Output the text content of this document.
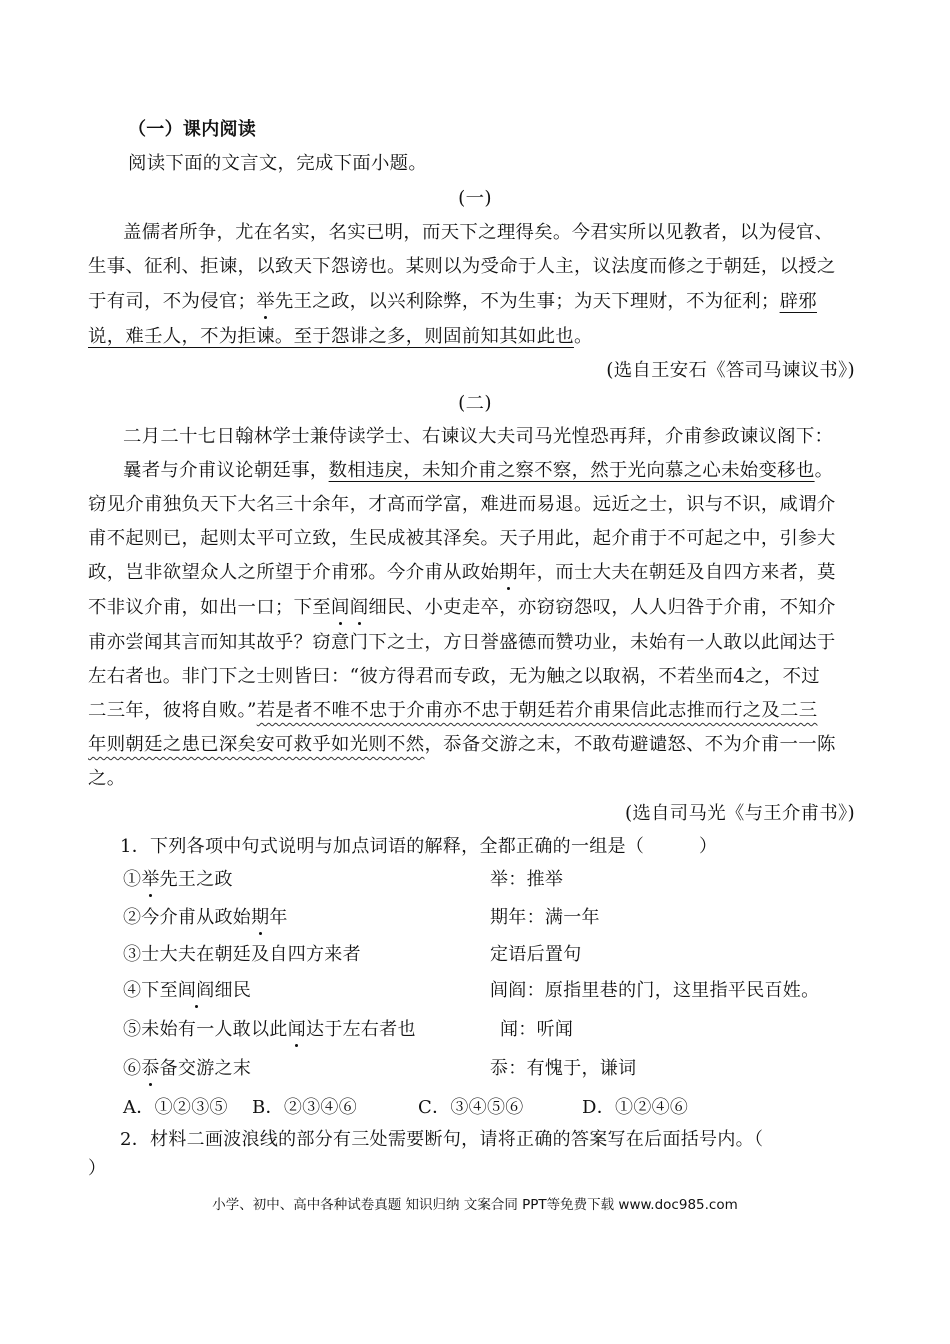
（一）课内阅读
阅读下面的文言文，完成下面小题。
(一)
盖儒者所争，尤在名实，名实已明，而天下之理得矣。今君实所以见教者，以为侵官、
生事、征利、拒谏，以致天下怨谤也。某则以为受命于人主，议法度而修之于朝廷，以授之
于有司，不为侵官；举先王之政，以兴利除弊，不为生事；为天下理财，不为征利；辟邪
说，难壬人，不为拒谏。至于怨诽之多，则固前知其如此也。
(选自王安石《答司马谏议书》)
(二)
二月二十七日翰林学士兼侍读学士、右谏议大夫司马光惶恐再拜，介甫参政谏议阁下：
曩者与介甫议论朝廷事，数相违戾，未知介甫之察不察，然于光向慕之心未始变移也。
窃见介甫独负天下大名三十余年，才高而学富，难进而易退。远近之士，识与不识，咸谓介
甫不起则已，起则太平可立致，生民成被其泽矣。天子用此，起介甫于不可起之中，引参大
政，岂非欲望众人之所望于介甫邪。今介甫从政始期年，而士大夫在朝廷及自四方来者，莫
不非议介甫，如出一口；下至闾阎细民、小吏走卒，亦窃窃怨叹，人人归咎于介甫，不知介
甫亦尝闻其言而知其故乎？窃意门下之士，方日誉盛德而赞功业，未始有一人敢以此闻达于
左右者也。非门下之士则皆曰：“彼方得君而专政，无为触之以取祸，不若坐而4之，不过
二三年，彼将自败。”若是者不唯不忠于介甫亦不忠于朝廷若介甫果信此志推而行之及二三
年则朝廷之患已深矣安可救乎如光则不然，忝备交游之末，不敢苟避谴怒、不为介甫一一陈
之。
(选自司马光《与王介甫书》)
1．下列各项中句式说明与加点词语的解释，全都正确的一组是（　　　）
①举先王之政	举：推举
②今介甫从政始期年	期年：满一年
③士大夫在朝廷及自四方来者	定语后置句
④下至闾阎细民	闾阎：原指里巷的门，这里指平民百姓。
⑤未始有一人敢以此闻达于左右者也	闻：听闻
⑥忝备交游之末	忝：有愧于，谦词
A．①②③⑤ B．②③④⑥	C．③④⑤⑥	D．①②④⑥
2．材料二画波浪线的部分有三处需要断句，请将正确的答案写在后面括号内。（
）
小学、初中、高中各种试卷真题 知识归纳 文案合同 PPT等免费下载 www.doc985.com
